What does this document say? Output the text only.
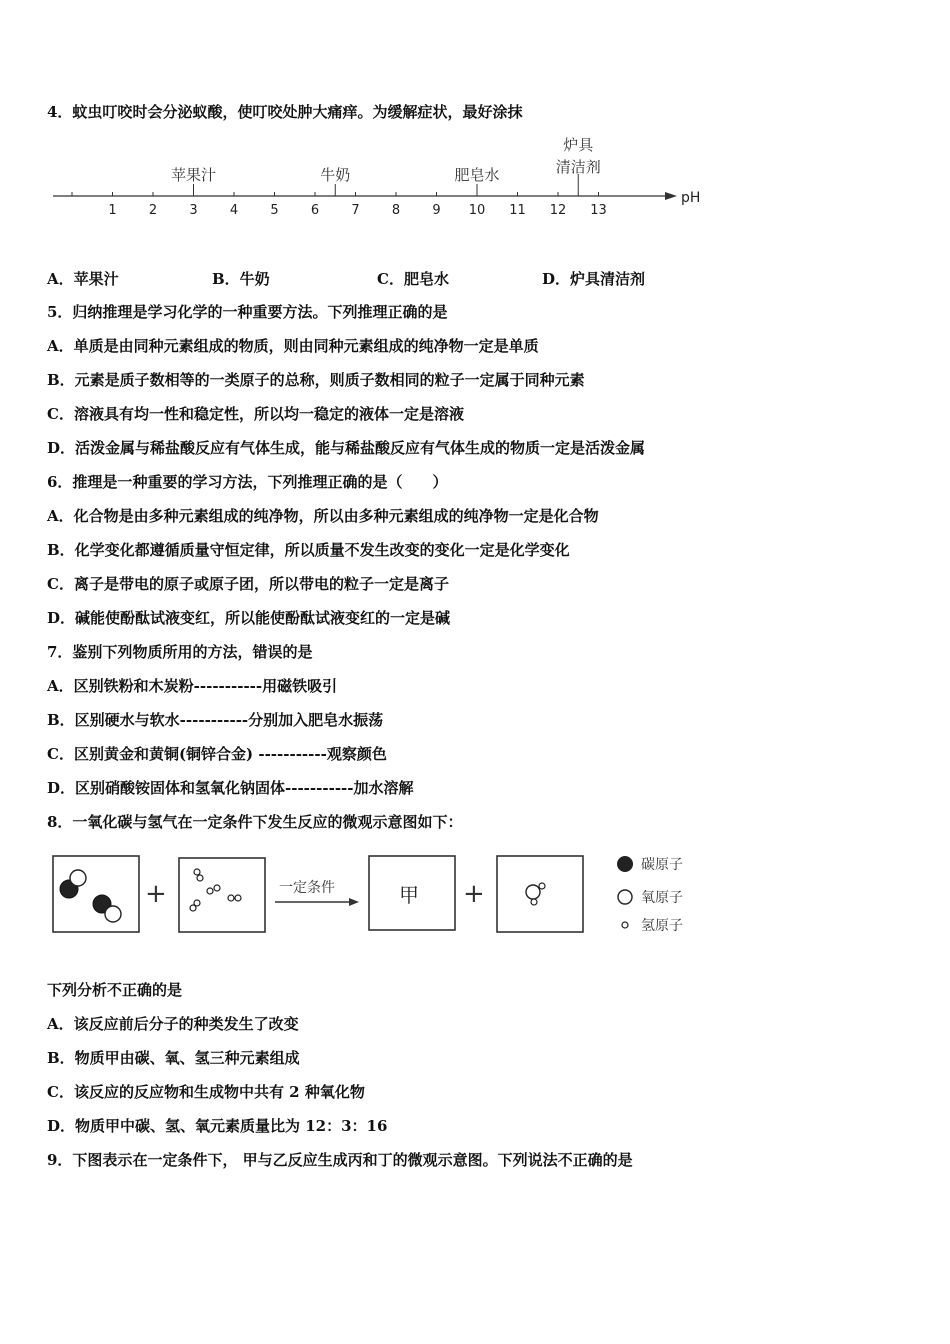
4．蚊虫叮咬时会分泌蚁酸，使叮咬处肿大痛痒。为缓解症状，最好涂抹
pH
1 2 3 4 5 6 7 8 9 10 11 12 13
苹果汁	牛奶	肥皂水
炉具
清洁剂
A．苹果汁	B．牛奶	C．肥皂水	D．炉具清洁剂
5．归纳推理是学习化学的一种重要方法。下列推理正确的是
A．单质是由同种元素组成的物质，则由同种元素组成的纯净物一定是单质
B．元素是质子数相等的一类原子的总称，则质子数相同的粒子一定属于同种元素
C．溶液具有均一性和稳定性，所以均一稳定的液体一定是溶液
D．活泼金属与稀盐酸反应有气体生成，能与稀盐酸反应有气体生成的物质一定是活泼金属
6．推理是一种重要的学习方法，下列推理正确的是（　　）
A．化合物是由多种元素组成的纯净物，所以由多种元素组成的纯净物一定是化合物
B．化学变化都遵循质量守恒定律，所以质量不发生改变的变化一定是化学变化
C．离子是带电的原子或原子团，所以带电的粒子一定是离子
D．碱能使酚酞试液变红，所以能使酚酞试液变红的一定是碱
7．鉴别下列物质所用的方法，错误的是
A．区别铁粉和木炭粉-----------用磁铁吸引
B．区别硬水与软水-----------分别加入肥皂水振荡
C．区别黄金和黄铜(铜锌合金) -----------观察颜色
D．区别硝酸铵固体和氢氧化钠固体-----------加水溶解
8．一氧化碳与氢气在一定条件下发生反应的微观示意图如下：
+	一定条件	甲 +
碳原子
氧原子
氢原子
下列分析不正确的是
A．该反应前后分子的种类发生了改变
B．物质甲由碳、氧、氢三种元素组成
C．该反应的反应物和生成物中共有 2 种氧化物
D．物质甲中碳、氢、氧元素质量比为 12：3：16
9．下图表示在一定条件下， 甲与乙反应生成丙和丁的微观示意图。下列说法不正确的是
